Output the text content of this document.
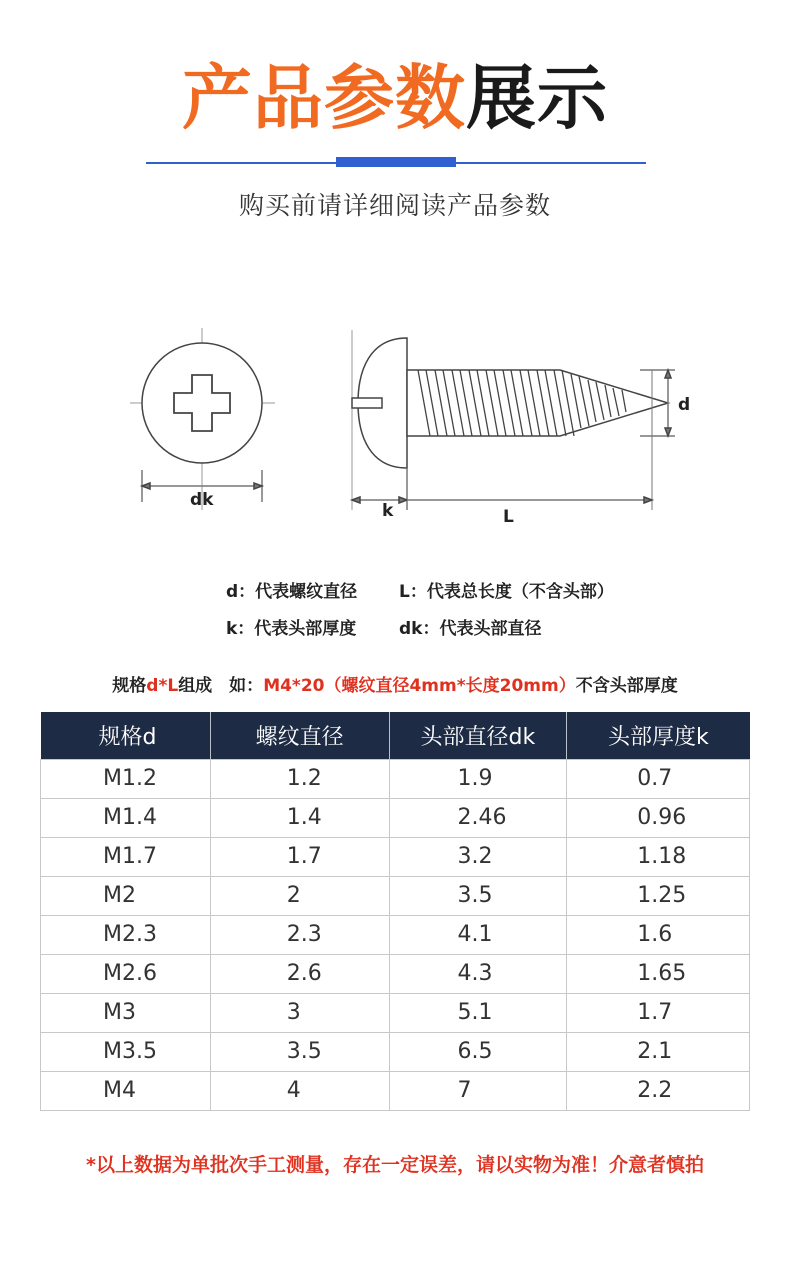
产品参数展示
购买前请详细阅读产品参数
dk
d
k	L
d：代表螺纹直径 L：代表总长度（不含头部）
k：代表头部厚度	dk：代表头部直径
规格d*L组成　如：M4*20（螺纹直径4mm*长度20mm）不含头部厚度
规格d	螺纹直径	头部直径dk	头部厚度k
M1.2	1.2	1.9	0.7
M1.4	1.4	2.46	0.96
M1.7	1.7	3.2	1.18
M2	2	3.5	1.25
M2.3	2.3	4.1	1.6
M2.6	2.6	4.3	1.65
M3	3	5.1	1.7
M3.5	3.5	6.5	2.1
M4	4	7	2.2
*以上数据为单批次手工测量，存在一定误差，请以实物为准！介意者慎拍
